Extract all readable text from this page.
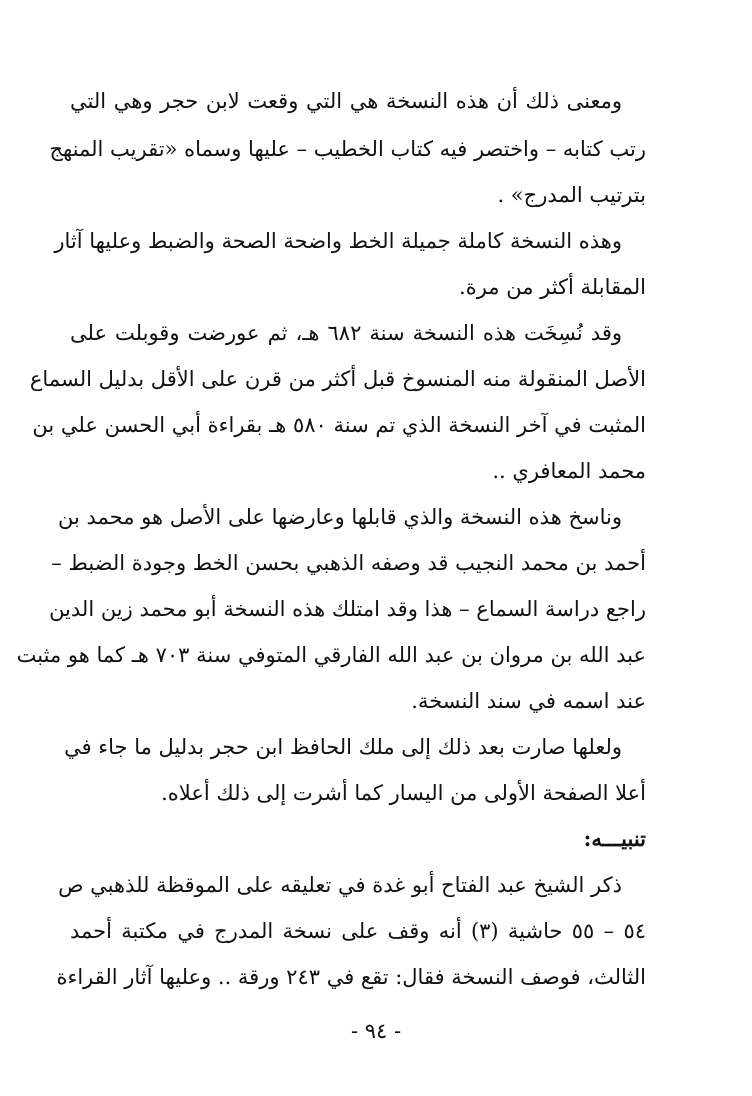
ومعنى ذلك أن هذه النسخة هي التي وقعت لابن حجر وهي التي
رتب كتابه – واختصر فيه كتاب الخطيب – عليها وسماه «تقريب المنهج
بترتيب المدرج» .
وهذه النسخة كاملة جميلة الخط واضحة الصحة والضبط وعليها آثار
المقابلة أكثر من مرة.
وقد نُسِخَت هذه النسخة سنة ٦٨٢ هـ، ثم عورضت وقوبلت على
الأصل المنقولة منه المنسوخ قبل أكثر من قرن على الأقل بدليل السماع
المثبت في آخر النسخة الذي تم سنة ٥٨٠ هـ بقراءة أبي الحسن علي بن
محمد المعافري ..
وناسخ هذه النسخة والذي قابلها وعارضها على الأصل هو محمد بن
أحمد بن محمد النجيب قد وصفه الذهبي بحسن الخط وجودة الضبط –
راجع دراسة السماع – هذا وقد امتلك هذه النسخة أبو محمد زين الدين
عبد الله بن مروان بن عبد الله الفارقي المتوفي سنة ٧٠٣ هـ كما هو مثبت
عند اسمه في سند النسخة.
ولعلها صارت بعد ذلك إلى ملك الحافظ ابن حجر بدليل ما جاء في
أعلا الصفحة الأولى من اليسار كما أشرت إلى ذلك أعلاه.
تنبيـــه:
ذكر الشيخ عبد الفتاح أبو غدة في تعليقه على الموقظة للذهبي ص
٥٤ – ٥٥ حاشية (٣) أنه وقف على نسخة المدرج في مكتبة أحمد
الثالث، فوصف النسخة فقال: تقع في ٢٤٣ ورقة .. وعليها آثار القراءة
- ٩٤ -
